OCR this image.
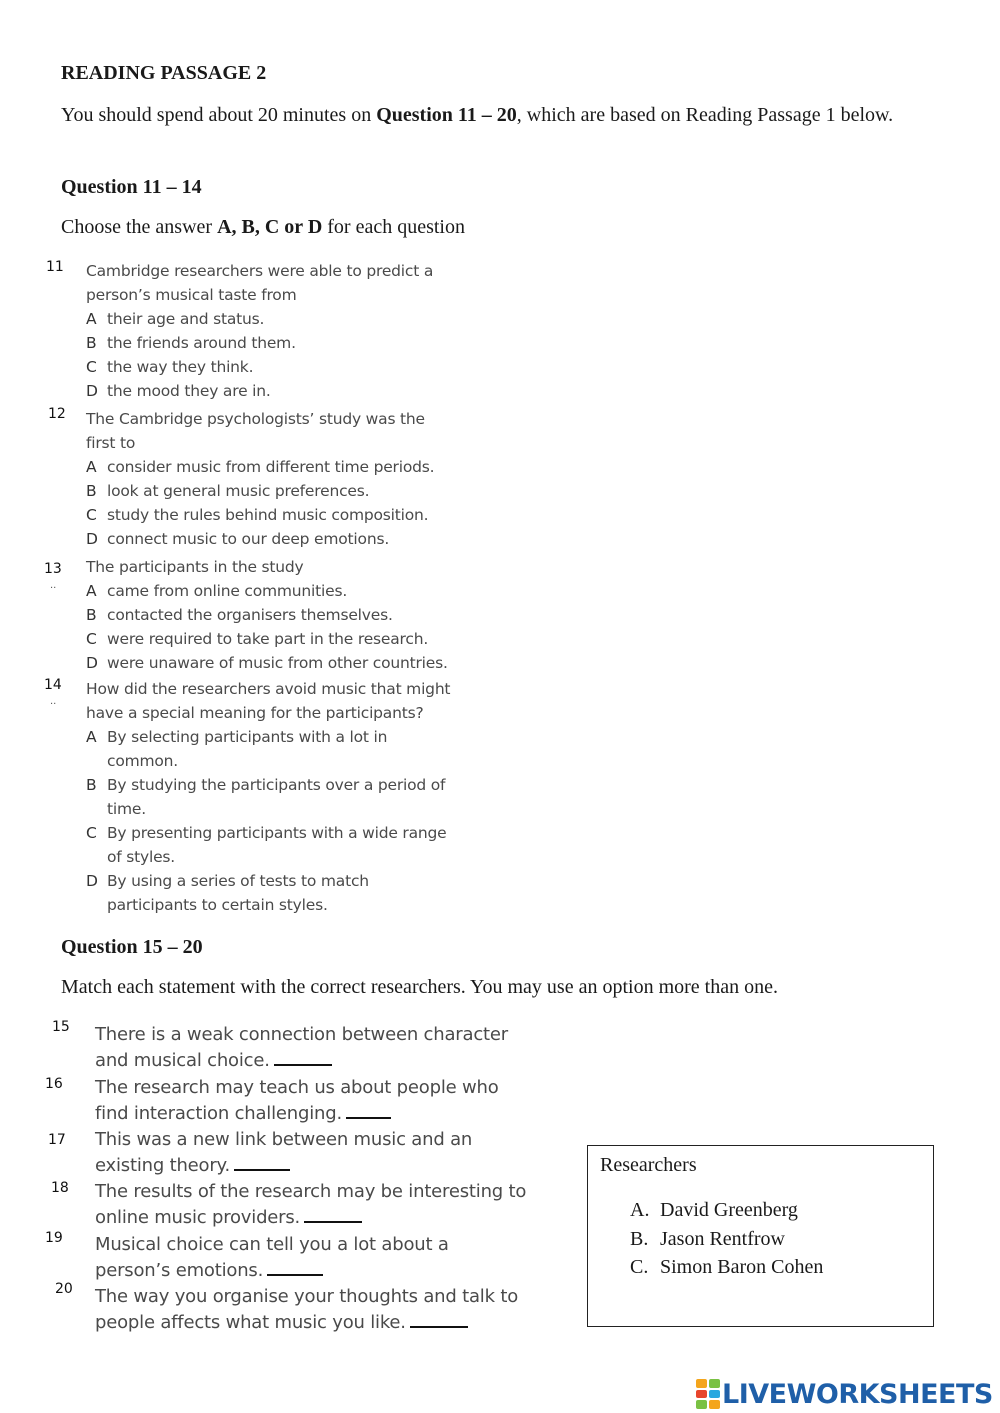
READING PASSAGE 2
You should spend about 20 minutes on Question 11 – 20, which are based on Reading Passage 1 below.
Question 11 – 14
Choose the answer A, B, C or D for each question
11 Cambridge researchers were able to predict a
person’s musical taste from
A their age and status.
B the friends around them.
C the way they think.
D the mood they are in.
12 The Cambridge psychologists’ study was the
first to
A consider music from different time periods.
B look at general music preferences.
C study the rules behind music composition.
D connect music to our deep emotions.
13
..
The participants in the study
A came from online communities.
B contacted the organisers themselves.
C were required to take part in the research.
D were unaware of music from other countries.
14
..
How did the researchers avoid music that might
have a special meaning for the participants?
A By selecting participants with a lot in
common.
B By studying the participants over a period of
time.
C By presenting participants with a wide range
of styles.
D By using a series of tests to match
participants to certain styles.
Question 15 – 20
Match each statement with the correct researchers. You may use an option more than one.
15 There is a weak connection between character
and musical choice.
16 The research may teach us about people who
find interaction challenging.
17 This was a new link between music and an
existing theory.
18 The results of the research may be interesting to
online music providers.
19 Musical choice can tell you a lot about a
person’s emotions.
20 The way you organise your thoughts and talk to
people affects what music you like.
Researchers
A. David Greenberg
B. Jason Rentfrow
C. Simon Baron Cohen
LIVEWORKSHEETS
